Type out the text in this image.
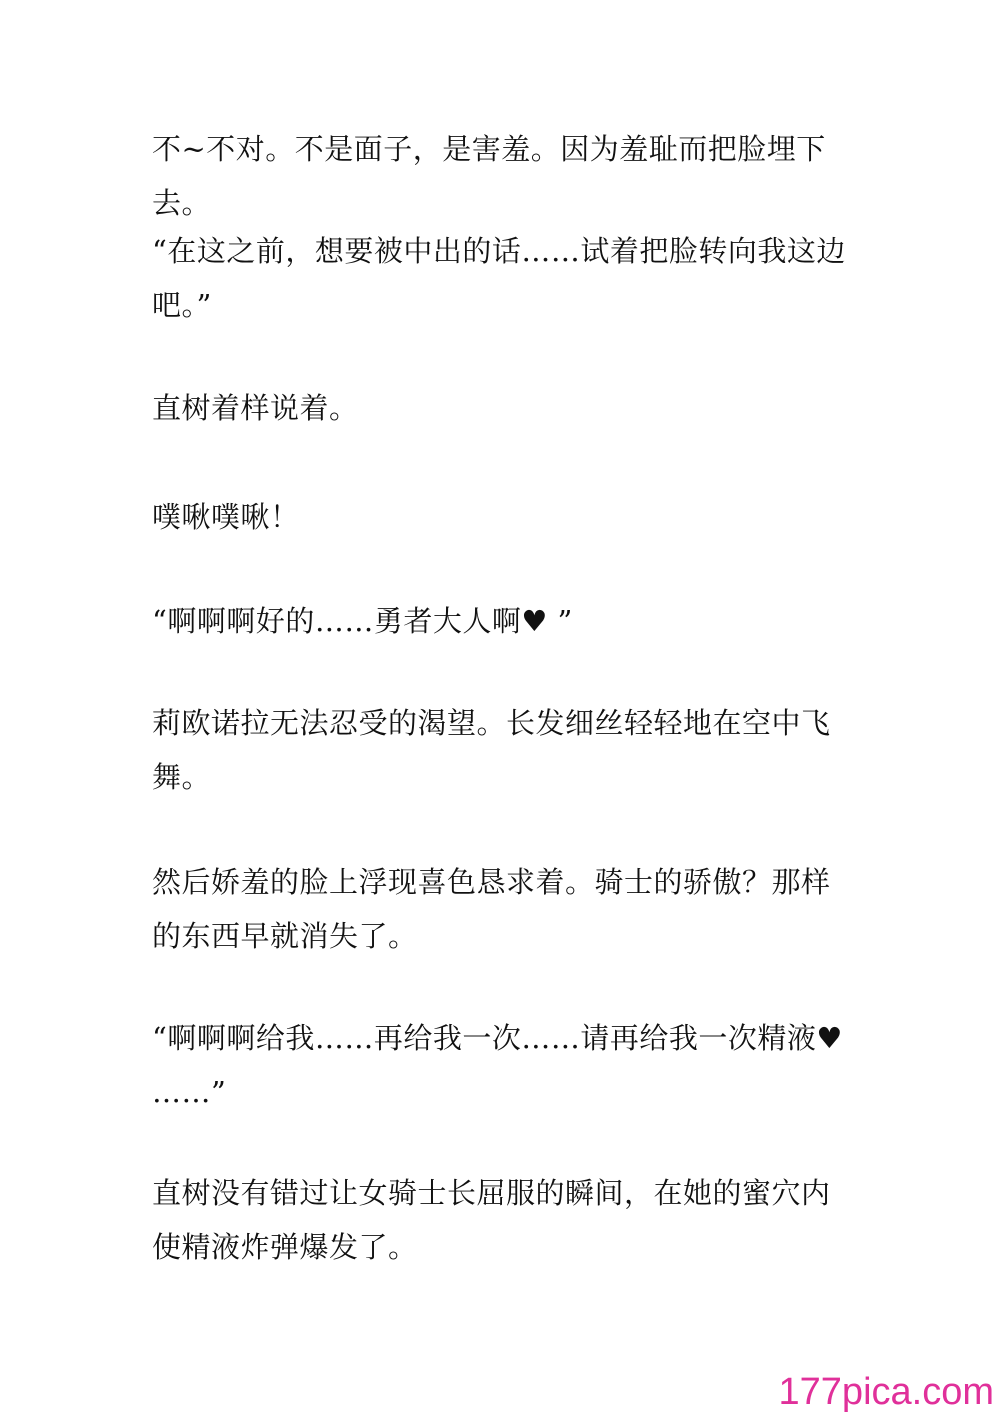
不~不对。不是面子，是害羞。因为羞耻而把脸埋下去。

“在这之前，想要被中出的话……试着把脸转向我这边吧。”

直树着样说着。

噗啾噗啾！

“啊啊啊好的……勇者大人啊♥ ”

莉欧诺拉无法忍受的渴望。长发细丝轻轻地在空中飞舞。

然后娇羞的脸上浮现喜色恳求着。骑士的骄傲？那样的东西早就消失了。

“啊啊啊给我……再给我一次……请再给我一次精液♥ ……”

直树没有错过让女骑士长屈服的瞬间，在她的蜜穴内使精液炸弹爆发了。

177pica.com
